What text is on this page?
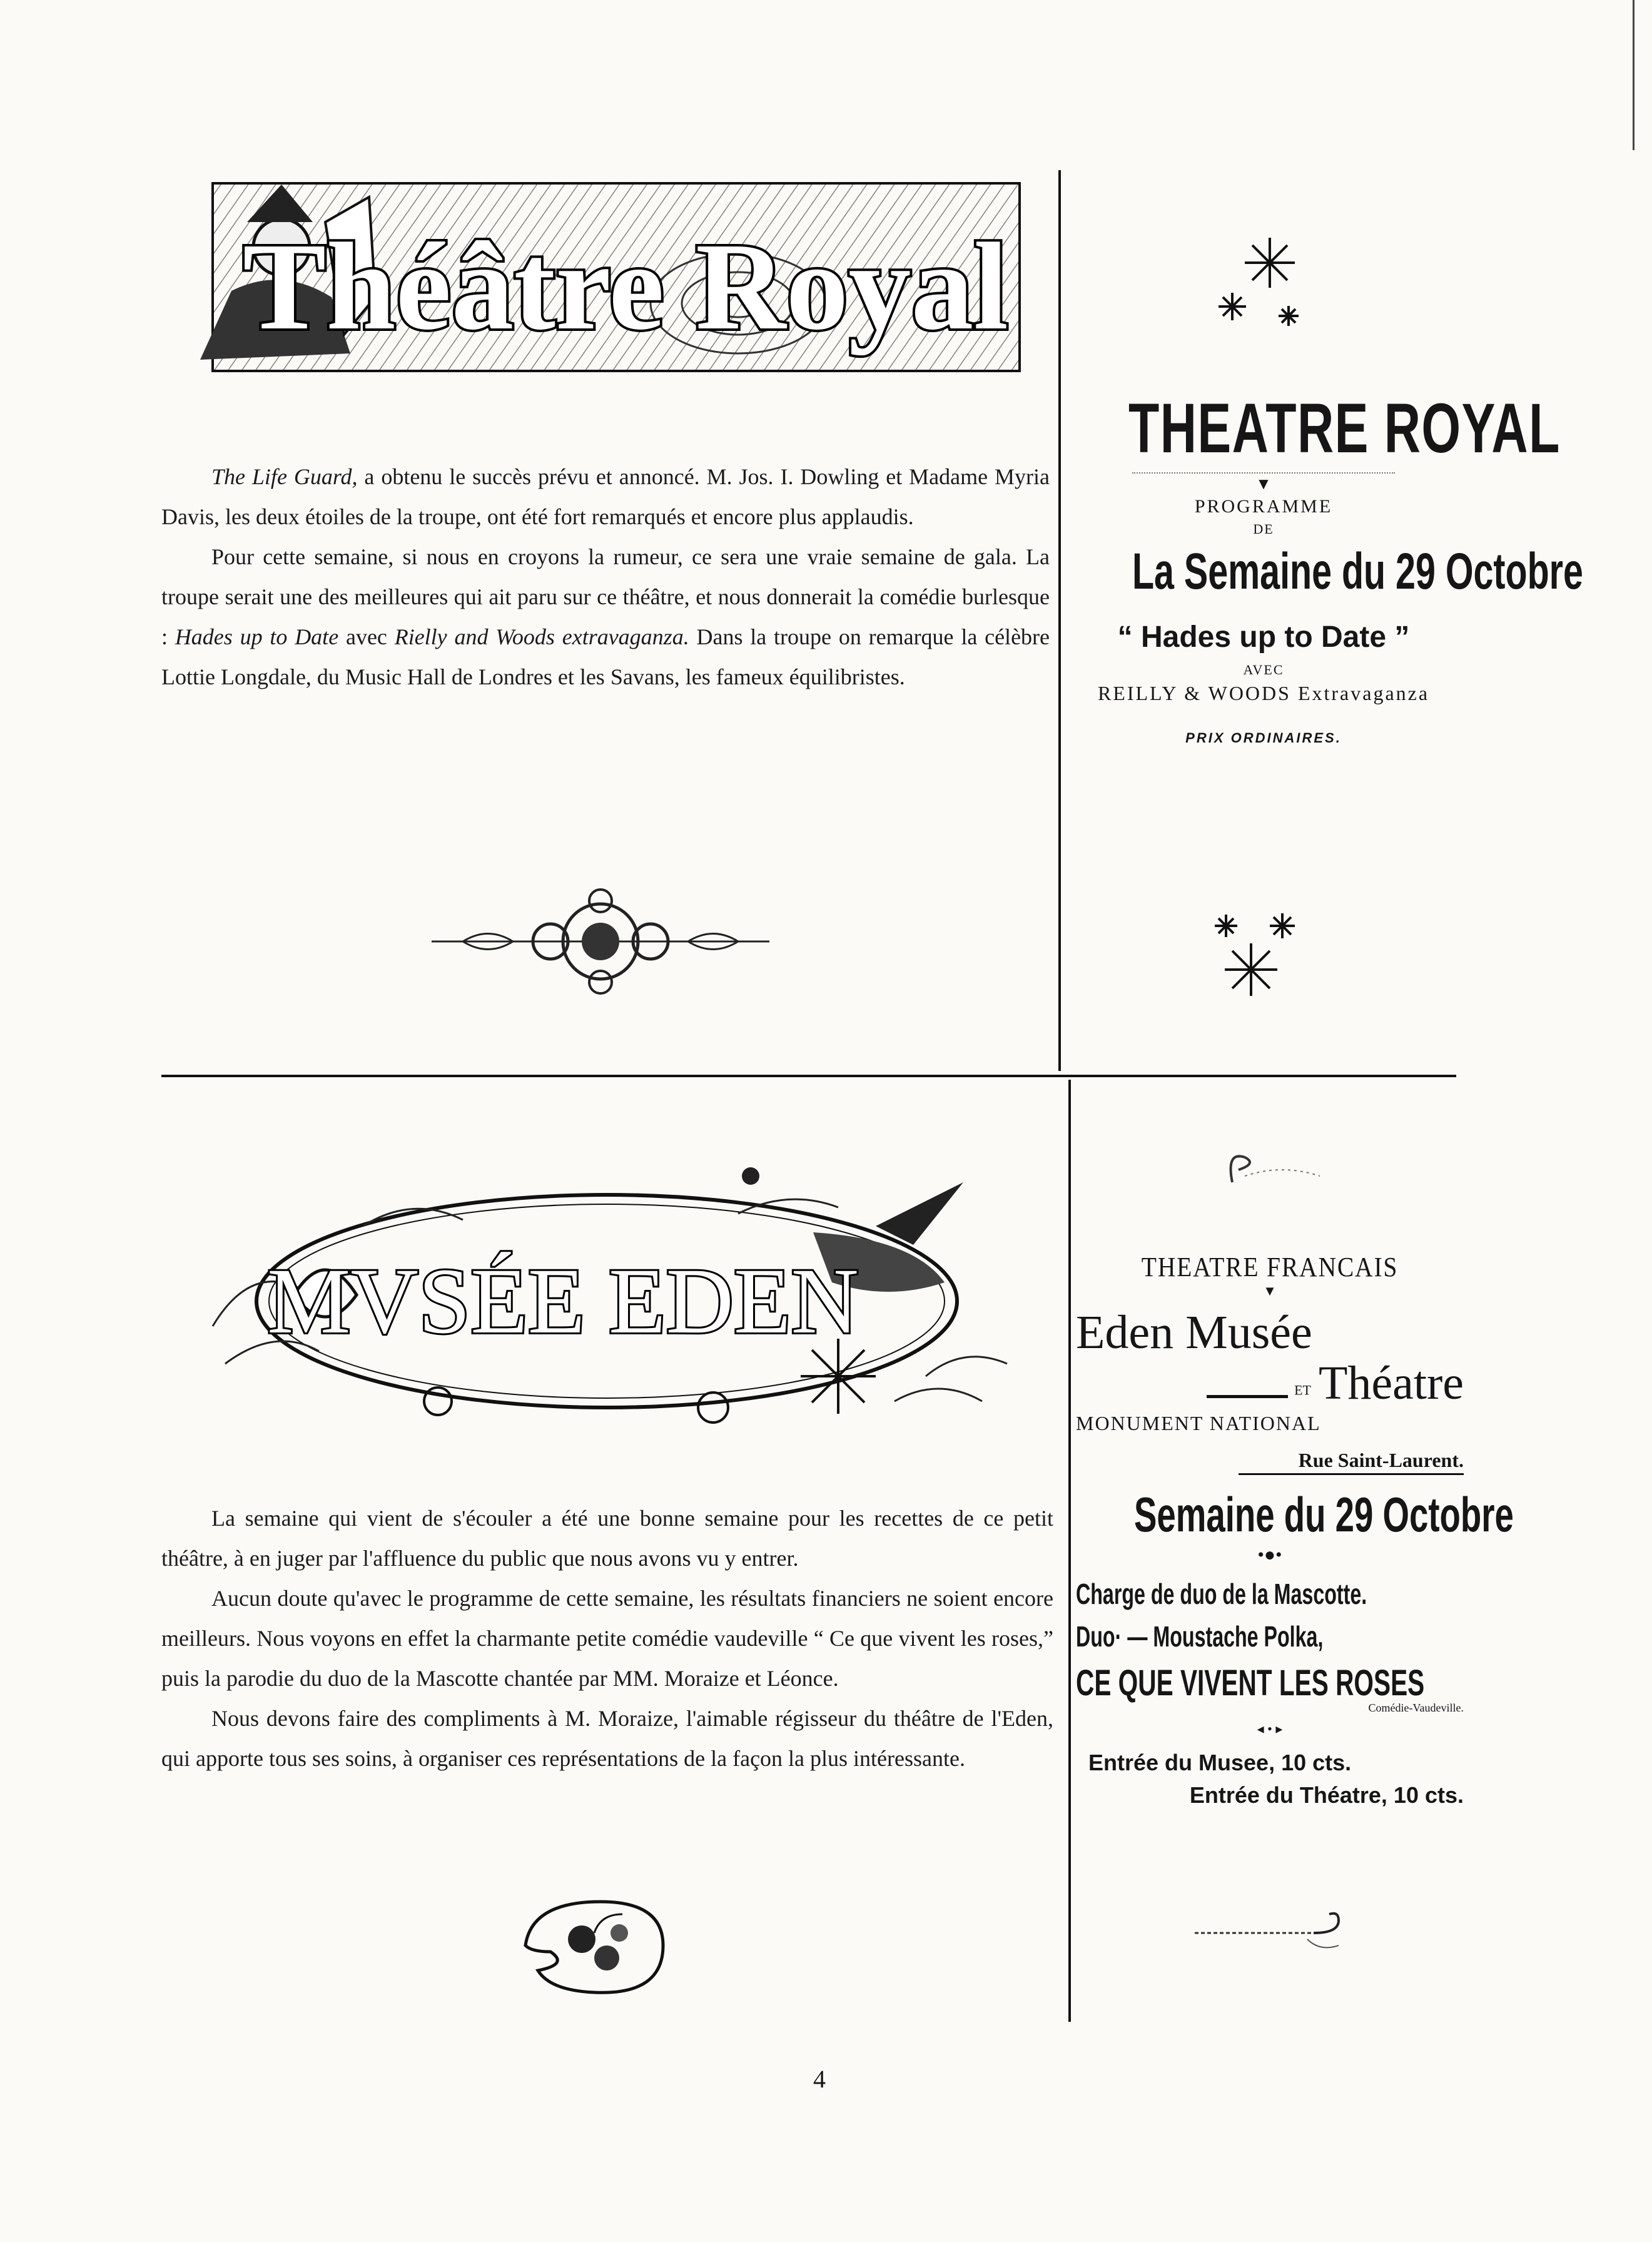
Théâtre Royal

The Life Guard, a obtenu le succès prévu et annoncé. M. Jos. I. Dowling et Madame Myria Davis, les deux étoiles de la troupe, ont été fort remarqués et encore plus applaudis.

Pour cette semaine, si nous en croyons la rumeur, ce sera une vraie semaine de gala. La troupe serait une des meilleures qui ait paru sur ce théâtre, et nous donnerait la comédie burlesque : Hades up to Date avec Rielly and Woods extravaganza. Dans la troupe on remarque la célèbre Lottie Longdale, du Music Hall de Londres et les Savans, les fameux équilibristes.

THEATRE ROYAL
▼
PROGRAMME
DE
La Semaine du 29 Octobre
“ Hades up to Date ”
AVEC
REILLY & WOODS Extravaganza
PRIX ORDINAIRES.
MVSÉE EDEN

La semaine qui vient de s'écouler a été une bonne semaine pour les recettes de ce petit théâtre, à en juger par l'affluence du public que nous avons vu y entrer.

Aucun doute qu'avec le programme de cette semaine, les résultats financiers ne soient encore meilleurs. Nous voyons en effet la charmante petite comédie vaudeville “ Ce que vivent les roses,” puis la parodie du duo de la Mascotte chantée par MM. Moraize et Léonce.

Nous devons faire des compliments à M. Moraize, l'aimable régisseur du théâtre de l'Eden, qui apporte tous ses soins, à organiser ces représentations de la façon la plus intéressante.

THEATRE FRANCAIS
▼
Eden Musée
ET Théatre
MONUMENT NATIONAL
Rue Saint-Laurent.
Semaine du 29 Octobre
•●•
Charge de duo de la Mascotte.
Duo· — Moustache Polka,
CE QUE VIVENT LES ROSES
Comédie-Vaudeville.
◂ • ▸
Entrée du Musee, 10 cts.
Entrée du Théatre, 10 cts.
4
